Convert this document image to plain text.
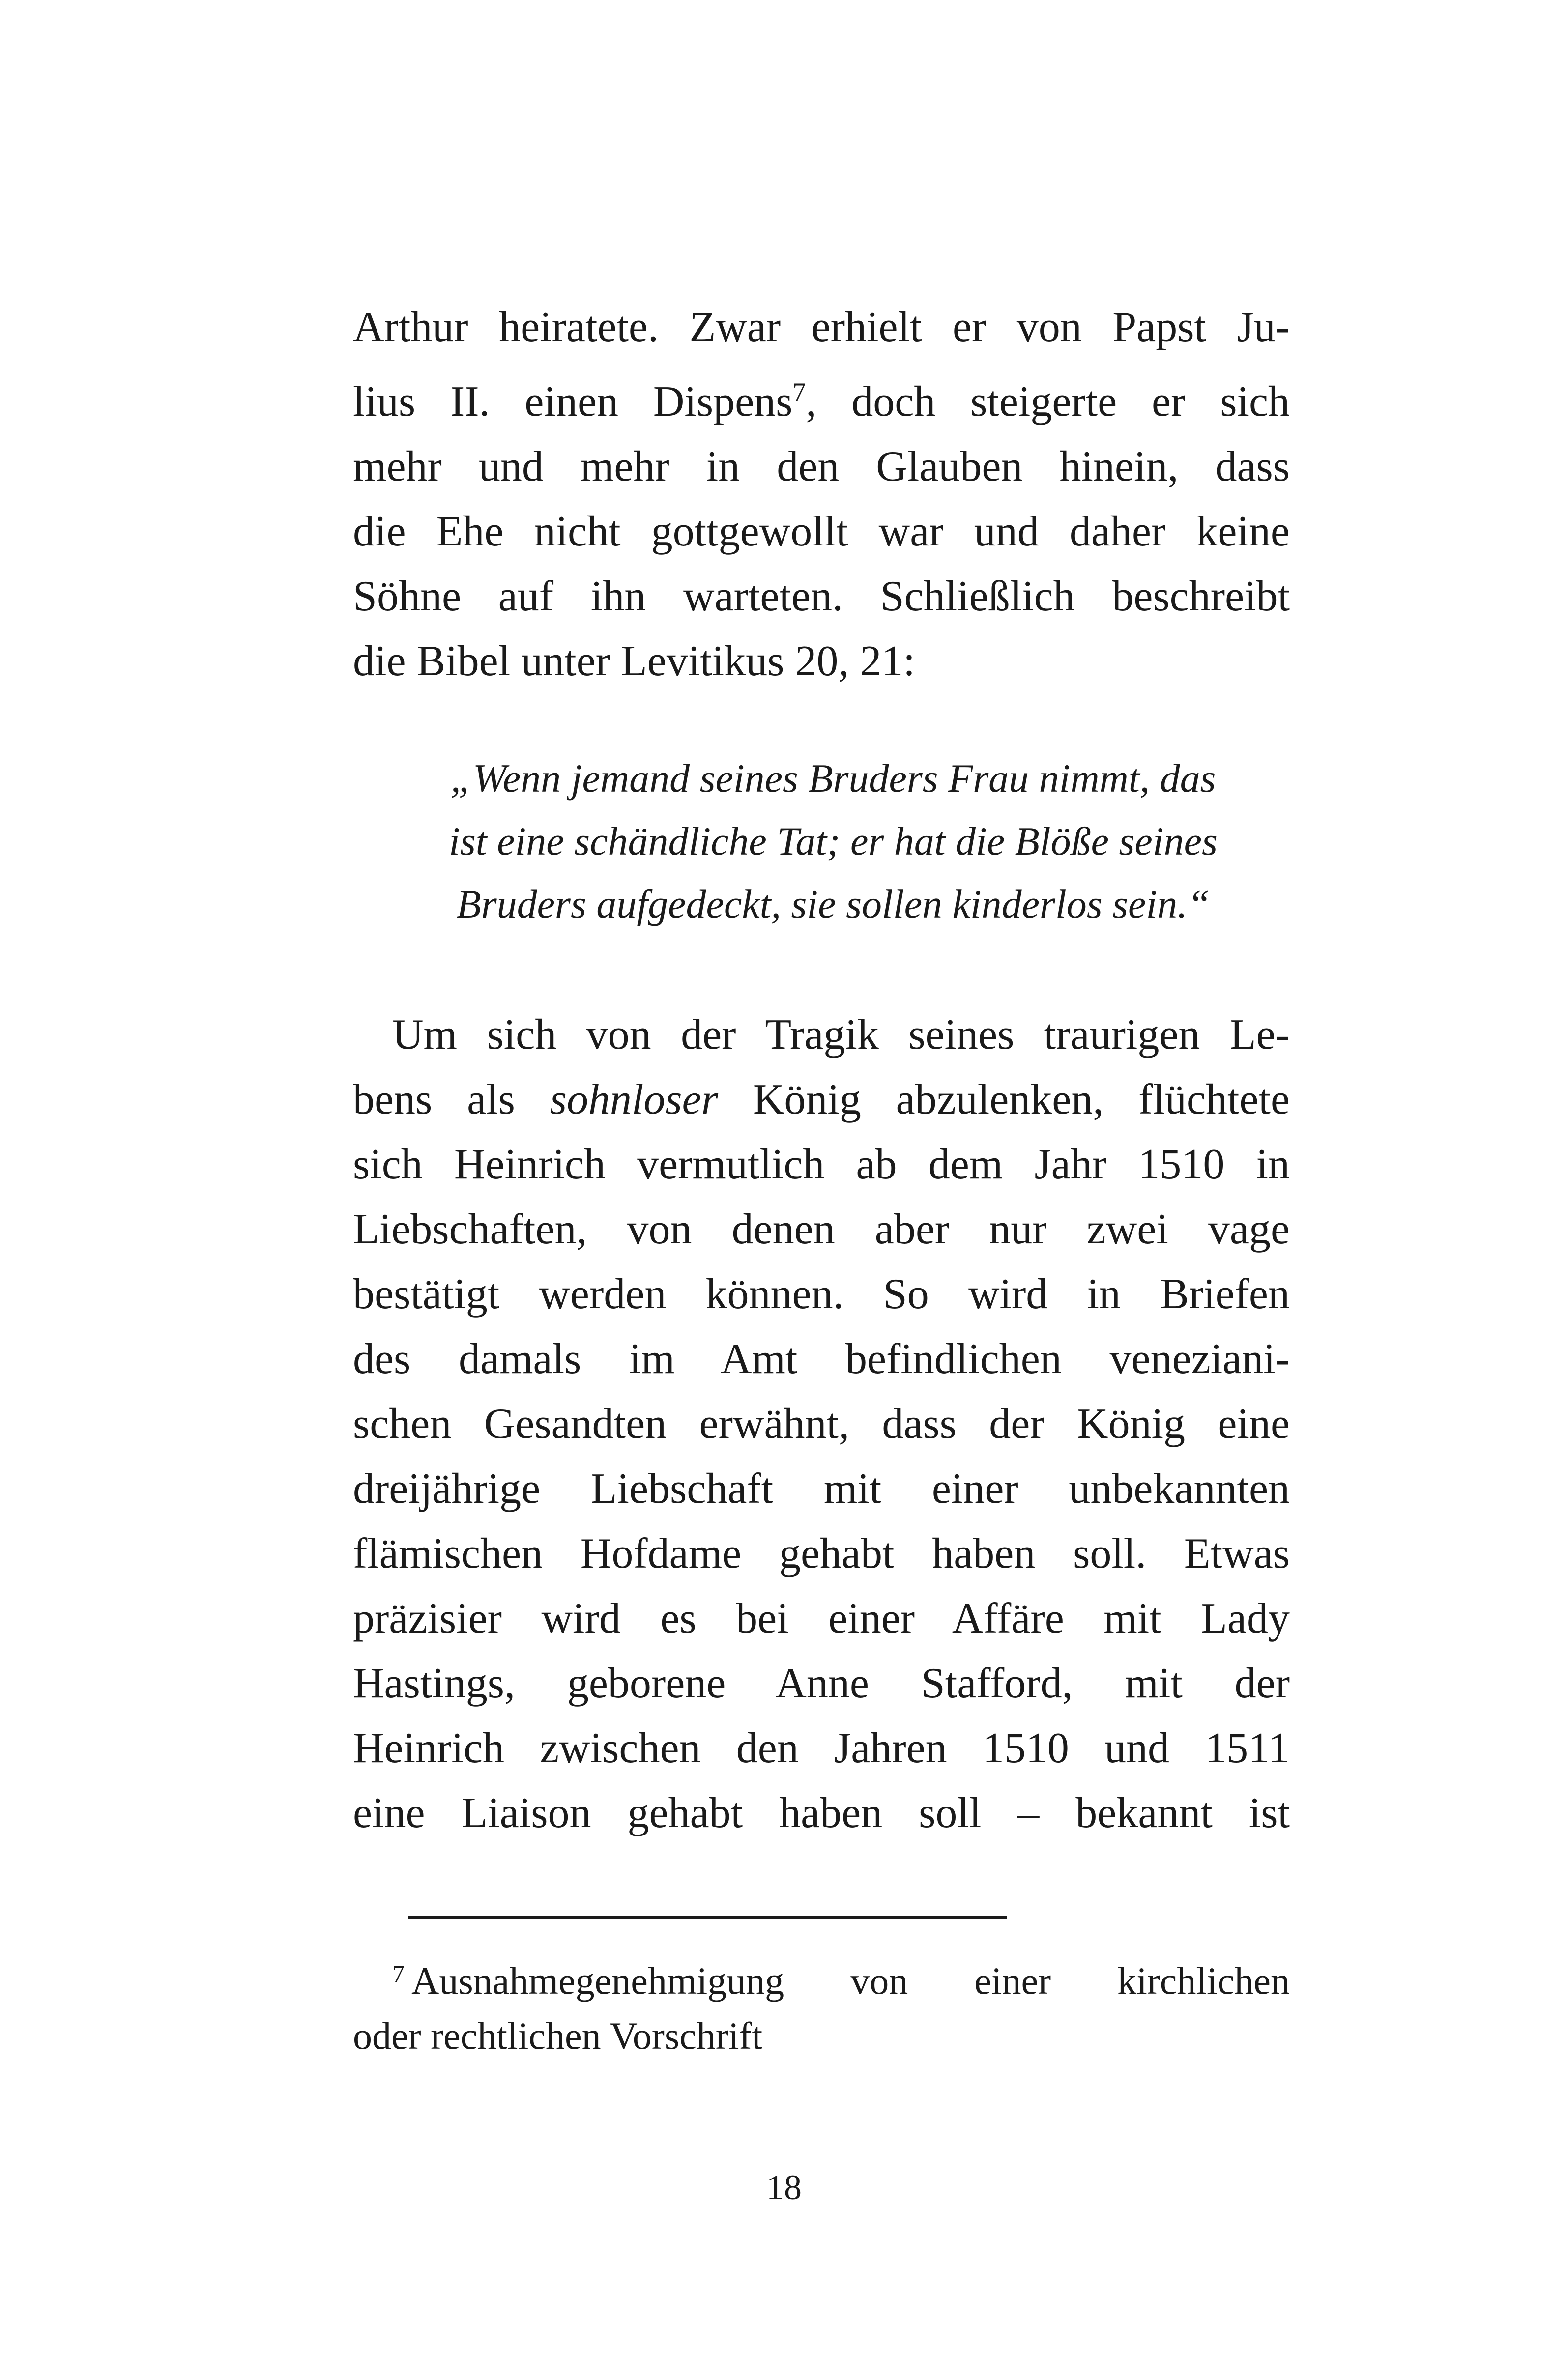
Arthur heiratete. Zwar erhielt er von Papst Ju-
lius II. einen Dispens$^7$, doch steigerte er sich
mehr und mehr in den Glauben hinein, dass
die Ehe nicht gottgewollt war und daher keine
Söhne auf ihn warteten. Schließlich beschreibt
die Bibel unter Levitikus 20, 21:
„Wenn jemand seines Bruders Frau nimmt, das
ist eine schändliche Tat; er hat die Blöße seines
Bruders aufgedeckt, sie sollen kinderlos sein.“
Um sich von der Tragik seines traurigen Le-
bens als sohnloser König abzulenken, flüchtete
sich Heinrich vermutlich ab dem Jahr 1510 in
Liebschaften, von denen aber nur zwei vage
bestätigt werden können. So wird in Briefen
des damals im Amt befindlichen veneziani-
schen Gesandten erwähnt, dass der König eine
dreijährige Liebschaft mit einer unbekannten
flämischen Hofdame gehabt haben soll. Etwas
präzisier wird es bei einer Affäre mit Lady
Hastings, geborene Anne Stafford, mit der
Heinrich zwischen den Jahren 1510 und 1511
eine Liaison gehabt haben soll – bekannt ist
$^7$ Ausnahmegenehmigung von einer kirchlichen
oder rechtlichen Vorschrift
18
